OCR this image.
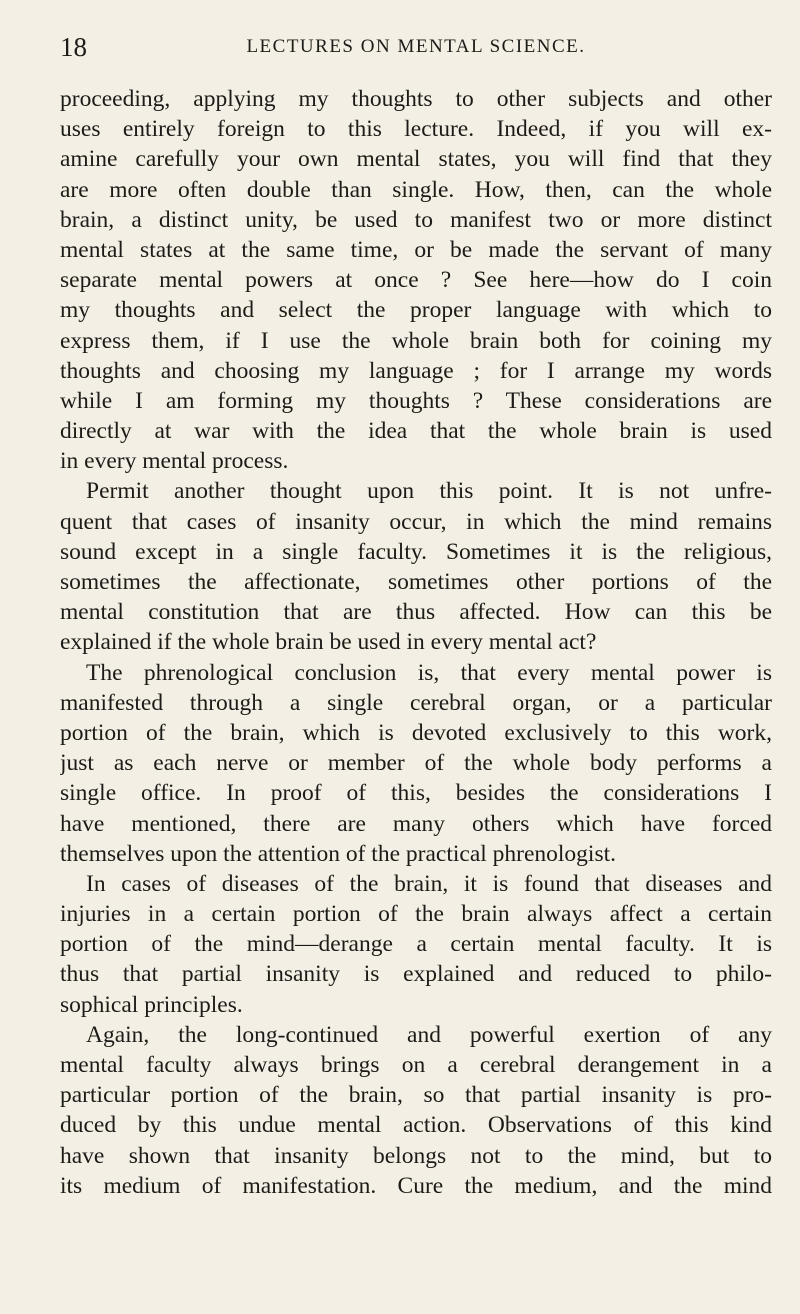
18	LECTURES ON MENTAL SCIENCE.
proceeding, applying my thoughts to other subjects and other
uses entirely foreign to this lecture. Indeed, if you will ex-
amine carefully your own mental states, you will find that they
are more often double than single. How, then, can the whole
brain, a distinct unity, be used to manifest two or more distinct
mental states at the same time, or be made the servant of many
separate mental powers at once ? See here—how do I coin
my thoughts and select the proper language with which to
express them, if I use the whole brain both for coining my
thoughts and choosing my language ; for I arrange my words
while I am forming my thoughts ? These considerations are
directly at war with the idea that the whole brain is used
in every mental process.
Permit another thought upon this point. It is not unfre-
quent that cases of insanity occur, in which the mind remains
sound except in a single faculty. Sometimes it is the religious,
sometimes the affectionate, sometimes other portions of the
mental constitution that are thus affected. How can this be
explained if the whole brain be used in every mental act?
The phrenological conclusion is, that every mental power is
manifested through a single cerebral organ, or a particular
portion of the brain, which is devoted exclusively to this work,
just as each nerve or member of the whole body performs a
single office. In proof of this, besides the considerations I
have mentioned, there are many others which have forced
themselves upon the attention of the practical phrenologist.
In cases of diseases of the brain, it is found that diseases and
injuries in a certain portion of the brain always affect a certain
portion of the mind—derange a certain mental faculty. It is
thus that partial insanity is explained and reduced to philo-
sophical principles.
Again, the long-continued and powerful exertion of any
mental faculty always brings on a cerebral derangement in a
particular portion of the brain, so that partial insanity is pro-
duced by this undue mental action. Observations of this kind
have shown that insanity belongs not to the mind, but to
its medium of manifestation. Cure the medium, and the mind
